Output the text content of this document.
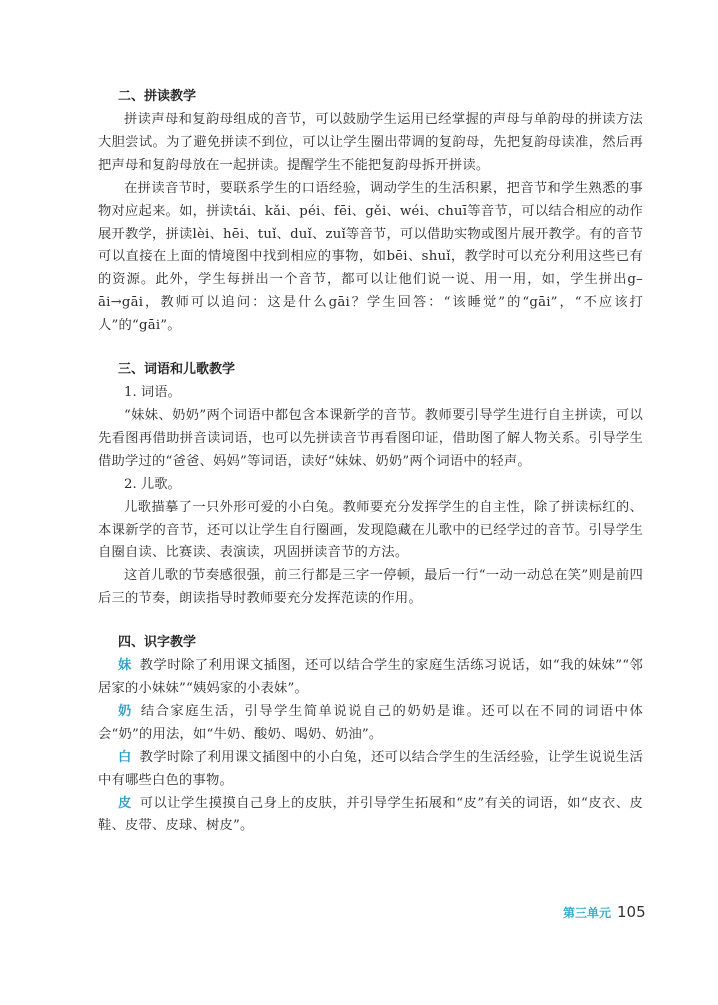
二、拼读教学

拼读声母和复韵母组成的音节，可以鼓励学生运用已经掌握的声母与单韵母的拼读方法大胆尝试。为了避免拼读不到位，可以让学生圈出带调的复韵母，先把复韵母读准，然后再把声母和复韵母放在一起拼读。提醒学生不能把复韵母拆开拼读。

在拼读音节时，要联系学生的口语经验，调动学生的生活积累，把音节和学生熟悉的事物对应起来。如，拼读tái、kǎi、péi、fēi、gěi、wéi、chuī等音节，可以结合相应的动作展开教学，拼读lèi、hēi、tuǐ、duǐ、zuǐ等音节，可以借助实物或图片展开教学。有的音节可以直接在上面的情境图中找到相应的事物，如bēi、shuǐ，教学时可以充分利用这些已有的资源。此外，学生每拼出一个音节，都可以让他们说一说、用一用，如，学生拼出g–āi→gāi，教师可以追问：这是什么gāi？学生回答：“该睡觉”的“gāi”，“不应该打人”的“gāi”。

三、词语和儿歌教学

1. 词语。

“妹妹、奶奶”两个词语中都包含本课新学的音节。教师要引导学生进行自主拼读，可以先看图再借助拼音读词语，也可以先拼读音节再看图印证，借助图了解人物关系。引导学生借助学过的“爸爸、妈妈”等词语，读好“妹妹、奶奶”两个词语中的轻声。

2. 儿歌。

儿歌描摹了一只外形可爱的小白兔。教师要充分发挥学生的自主性，除了拼读标红的、本课新学的音节，还可以让学生自行圈画，发现隐藏在儿歌中的已经学过的音节。引导学生自圈自读、比赛读、表演读，巩固拼读音节的方法。

这首儿歌的节奏感很强，前三行都是三字一停顿，最后一行“一动一动总在笑”则是前四后三的节奏，朗读指导时教师要充分发挥范读的作用。

四、识字教学

妹 教学时除了利用课文插图，还可以结合学生的家庭生活练习说话，如“我的妹妹”“邻居家的小妹妹”“姨妈家的小表妹”。

奶 结合家庭生活，引导学生简单说说自己的奶奶是谁。还可以在不同的词语中体会“奶”的用法，如“牛奶、酸奶、喝奶、奶油”。

白 教学时除了利用课文插图中的小白兔，还可以结合学生的生活经验，让学生说说生活中有哪些白色的事物。

皮 可以让学生摸摸自己身上的皮肤，并引导学生拓展和“皮”有关的词语，如“皮衣、皮鞋、皮带、皮球、树皮”。

第三单元 105
